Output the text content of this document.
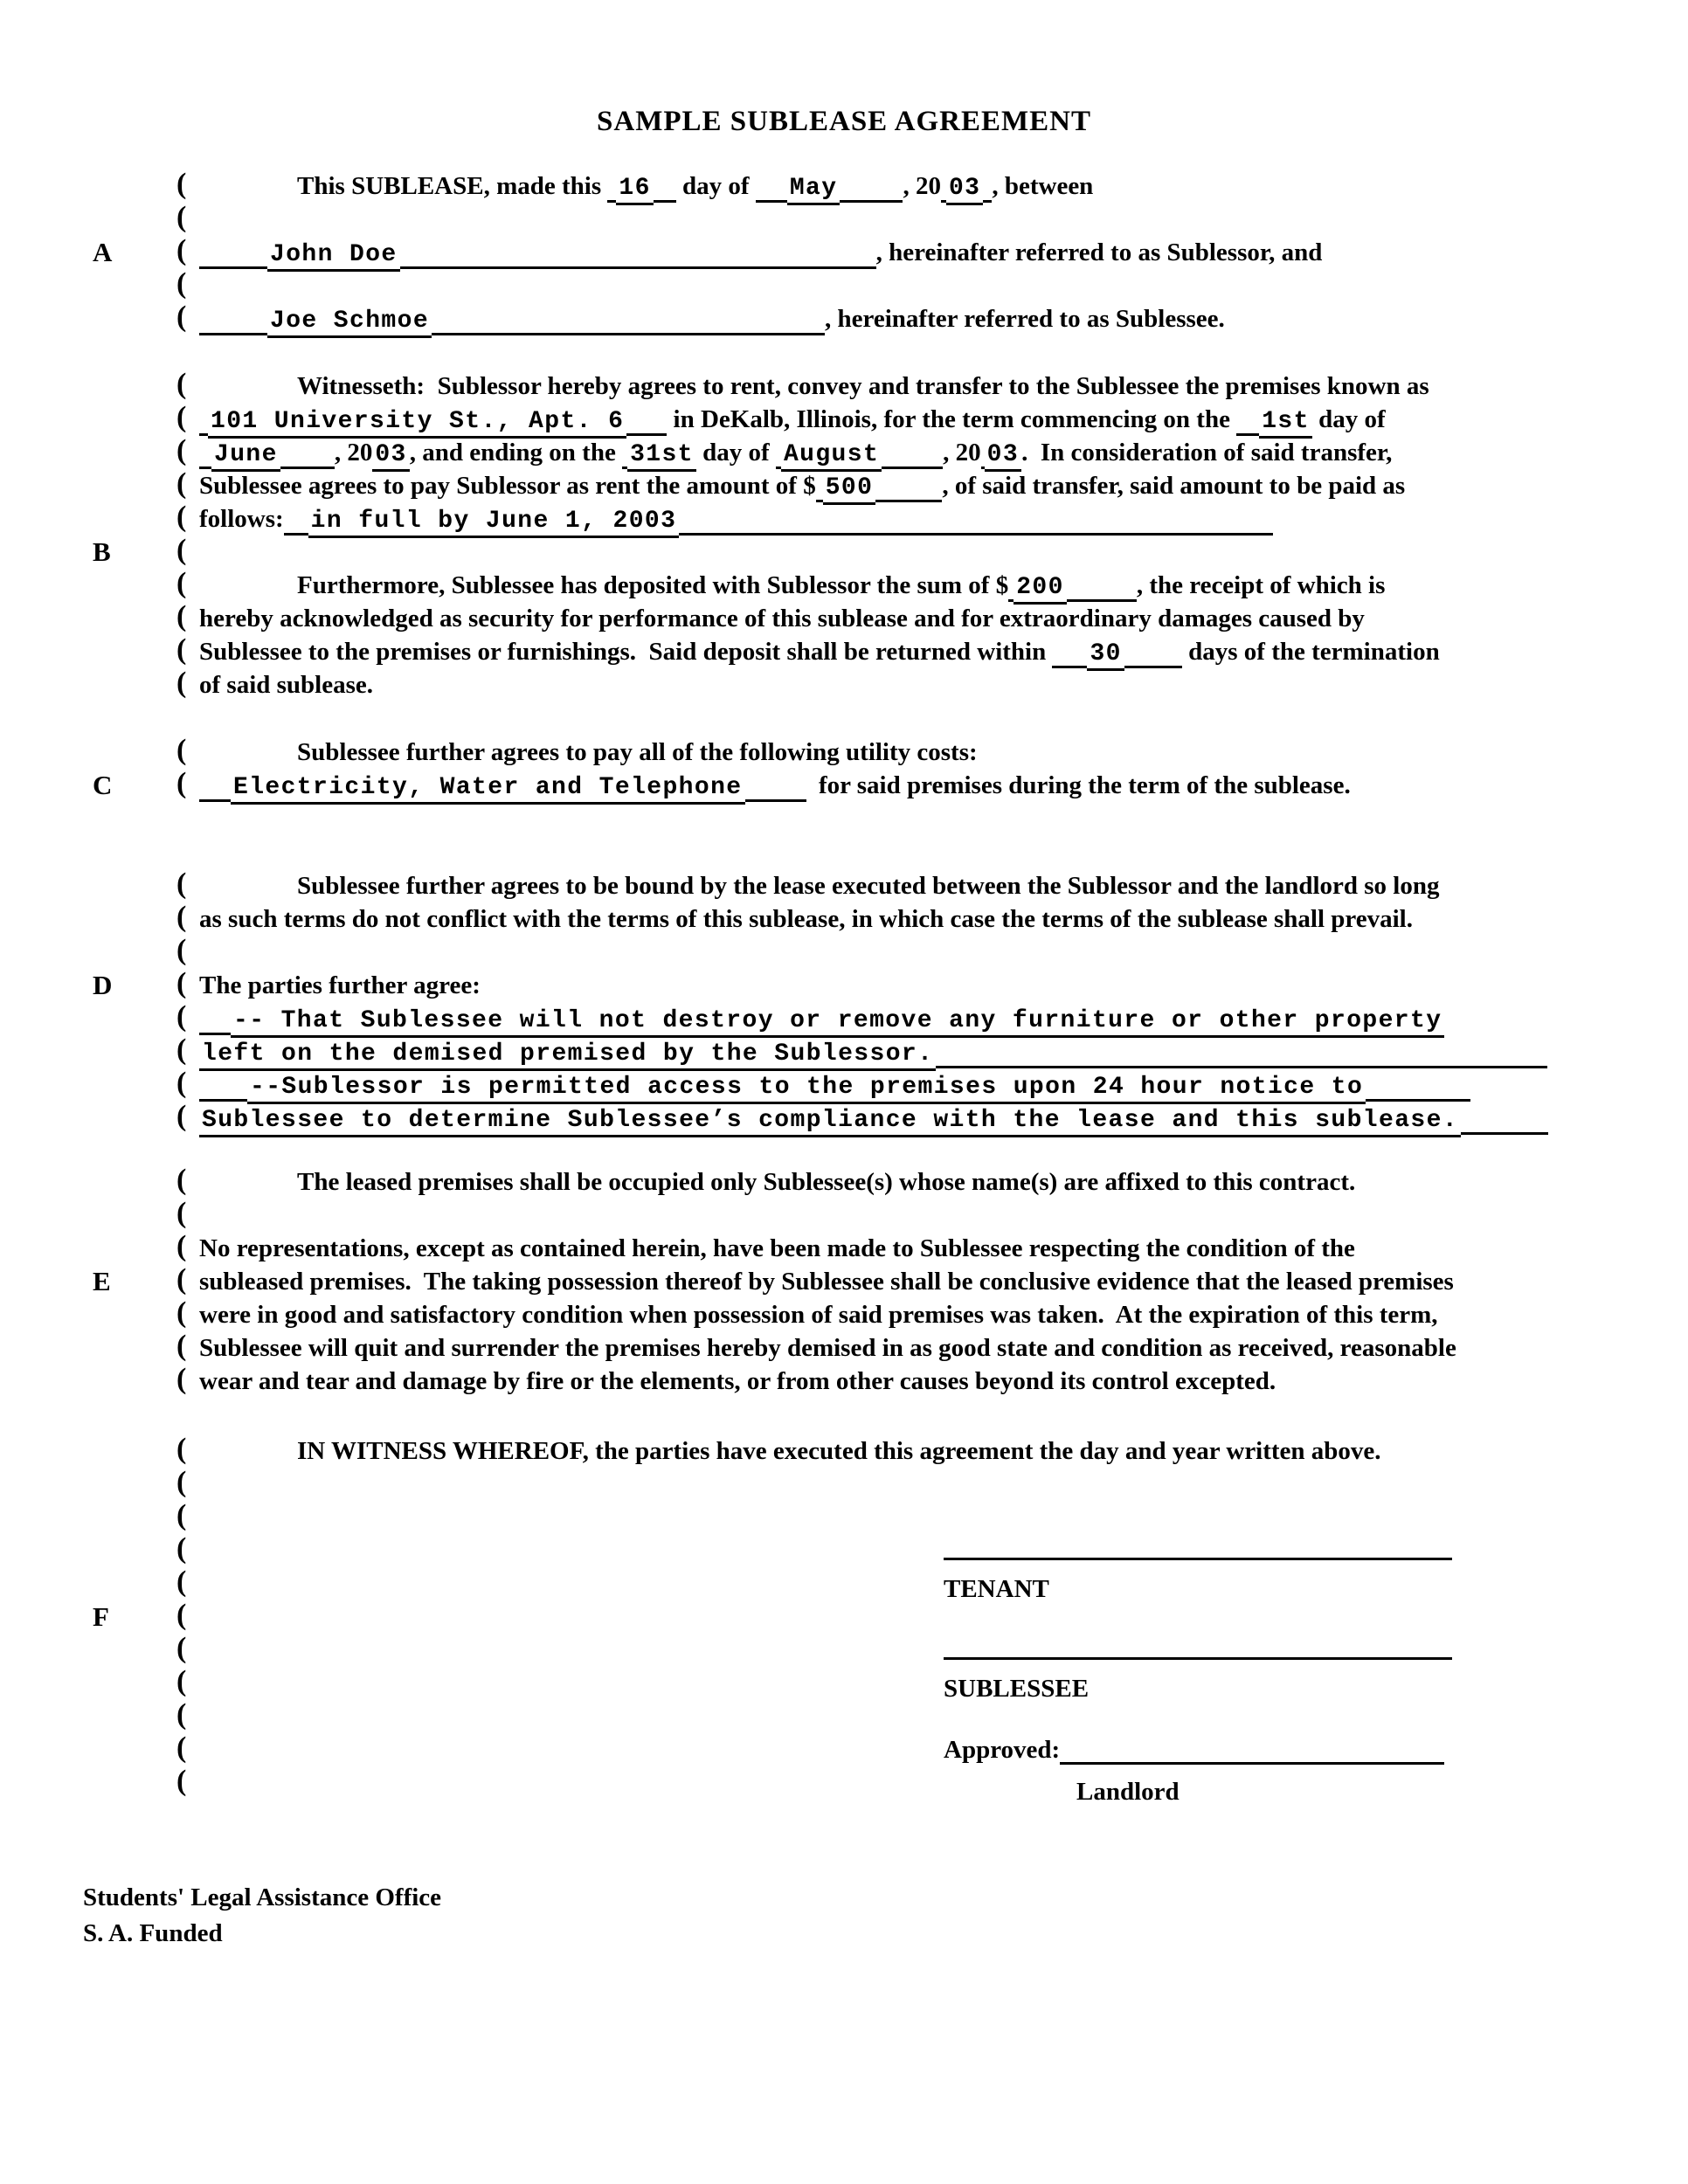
SAMPLE SUBLEASE AGREEMENT
(	This SUBLEASE, made this 16 day of May	, 20 03 , between
(
A (	John Doe	, hereinafter referred to as Sublessor, and
(
(	Joe Schmoe	, hereinafter referred to as Sublessee.
(	Witnesseth:  Sublessor hereby agrees to rent, convey and transfer to the Sublessee the premises known as
( 101 University St., Apt. 6 in DeKalb, Illinois, for the term commencing on the 1st day of
(	June , 20 03 , and ending on the 31st day of August	, 20 03 .  In consideration of said transfer,
( Sublessee agrees to pay Sublessor as rent the amount of $ 500	, of said transfer, said amount to be paid as
( follows: in full by June 1, 2003
B (
(	Furthermore, Sublessee has deposited with Sublessor the sum of $ 200	, the receipt of which is
( hereby acknowledged as security for performance of this sublease and for extraordinary damages caused by
( Sublessee to the premises or furnishings.  Said deposit shall be returned within 30 days of the termination
( of said sublease.
(	Sublessee further agrees to pay all of the following utility costs:
C (	Electricity, Water and Telephone	for said premises during the term of the sublease.
(	Sublessee further agrees to be bound by the lease executed between the Sublessor and the landlord so long
( as such terms do not conflict with the terms of this sublease, in which case the terms of the sublease shall prevail.
(
D ( The parties further agree:
(	-- That Sublessee will not destroy or remove any furniture or other property
( left on the demised premised by the Sublessor.
(	--Sublessor is permitted access to the premises upon 24 hour notice to
( Sublessee to determine Sublessee’s compliance with the lease and this sublease.
(	The leased premises shall be occupied only Sublessee(s) whose name(s) are affixed to this contract.
(
( No representations, except as contained herein, have been made to Sublessee respecting the condition of the
E ( subleased premises.  The taking possession thereof by Sublessee shall be conclusive evidence that the leased premises
( were in good and satisfactory condition when possession of said premises was taken.  At the expiration of this term,
( Sublessee will quit and surrender the premises hereby demised in as good state and condition as received, reasonable
( wear and tear and damage by fire or the elements, or from other causes beyond its control excepted.
(	IN WITNESS WHEREOF, the parties have executed this agreement the day and year written above.
(
(
(
(	TENANT
F (
(
(	SUBLESSEE
(
(	Approved:
(	Landlord
Students' Legal Assistance Office
S. A. Funded
